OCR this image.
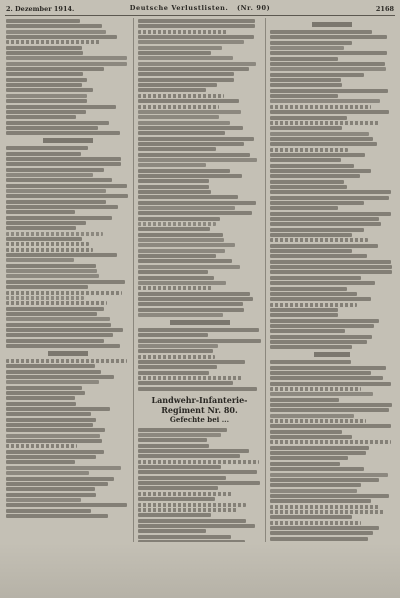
2. Dezember 1914.	Deutsche Verlustlisten. (Nr. 90)	2168
Landwehr-Infanterie-Regiment Nr. 80.
Gefechte bei ...
